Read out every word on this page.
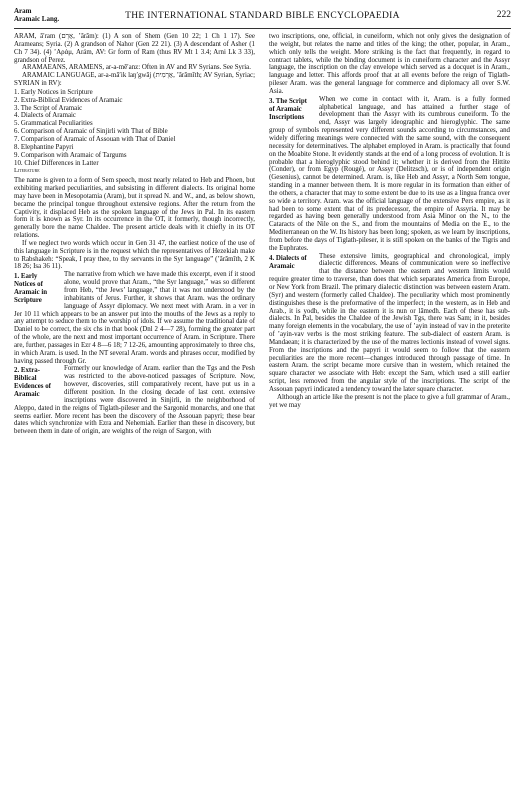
Aram
Aramaic Lang.	THE INTERNATIONAL STANDARD BIBLE ENCYCLOPAEDIA	222

ARAM, ā′ram (אֲרָם, ’ărām): (1) A son of Shem (Gen 10 22; 1 Ch 1 17). See Arameans; Syria. (2) A grandson of Nahor (Gen 22 21). (3) A descendant of Asher (1 Ch 7 34). (4) ’Αράμ, Arám, AV: Gr form of Ram (thus RV Mt 1 3.4; Arni Lk 3 33), grandson of Perez.

ARAMAEANS, ARAMENS, ar-a-mē′anz: Often in AV and RV Syrians. See Syria.

ARAMAIC LANGUAGE, ar-a-mā′ik laŋ′gwāj (אֲרָמִית, ’ărāmīth; AV Syrian, Syriac; SYRIAN in RV):

1. Early Notices in Scripture
2. Extra-Biblical Evidences of Aramaic
3. The Script of Aramaic
4. Dialects of Aramaic
5. Grammatical Peculiarities
6. Comparison of Aramaic of Sinjirli with That of Bible
7. Comparison of Aramaic of Assouan with That of Daniel
8. Elephantine Papyri
9. Comparison with Aramaic of Targums
10. Chief Differences in Latter
Literature

The name is given to a form of Sem speech, most nearly related to Heb and Phoen, but exhibiting marked peculiarities, and subsisting in different dialects. Its original home may have been in Mesopotamia (Aram), but it spread N. and W., and, as below shown, became the principal tongue throughout extensive regions. After the return from the Captivity, it displaced Heb as the spoken language of the Jews in Pal. In its eastern form it is known as Syr. In its occurrence in the OT, it formerly, though incorrectly, generally bore the name Chaldee. The present article deals with it chiefly in its OT relations.

If we neglect two words which occur in Gen 31 47, the earliest notice of the use of this language in Scripture is in the request which the representatives of Hezekiah make to Rabshakeh: “Speak, I pray thee, to thy servants in the Syr language” (’ărāmīth, 2 K 18 26; Isa 36 11).

1. Early Notices of Aramaic in Scripture

The narrative from which we have made this excerpt, even if it stood alone, would prove that Aram., “the Syr language,” was so different from Heb, “the Jews’ language,” that it was not understood by the inhabitants of Jerus. Further, it shows that Aram. was the ordinary language of Assyr diplomacy. We next meet with Aram. in a ver in Jer 10 11 which appears to be an answer put into the mouths of the Jews as a reply to any attempt to seduce them to the worship of idols. If we assume the traditional date of Daniel to be correct, the six chs in that book (Dnl 2 4—7 28), forming the greater part of the whole, are the next and most important occurrence of Aram. in Scripture. There are, further, passages in Ezr 4 8—6 18; 7 12-26, amounting approximately to three chs, in which Aram. is used. In the NT several Aram. words and phrases occur, modified by having passed through Gr.

2. Extra-Biblical Evidences of Aramaic

Formerly our knowledge of Aram. earlier than the Tgs and the Pesh was restricted to the above-noticed passages of Scripture. Now, however, discoveries, still comparatively recent, have put us in a different position. In the closing decade of last cent. extensive inscriptions were discovered in Sinjirli, in the neighborhood of Aleppo, dated in the reigns of Tiglath-pileser and the Sargonid monarchs, and one that seems earlier. More recent has been the discovery of the Assouan papyri; these bear dates which synchronize with Ezra and Nehemiah. Earlier than these in discovery, but between them in date of origin, are weights of the reign of Sargon, with

two inscriptions, one, official, in cuneiform, which not only gives the designation of the weight, but relates the name and titles of the king; the other, popular, in Aram., which only tells the weight. More striking is the fact that frequently, in regard to contract tablets, while the binding document is in cuneiform character and the Assyr language, the inscription on the clay envelope which served as a docquet is in Aram., language and letter. This affords proof that at all events before the reign of Tiglath-pileser Aram. was the general language for commerce and diplomacy all over S.W. Asia.

3. The Script of Aramaic Inscriptions

When we come in contact with it, Aram. is a fully formed alphabetical language, and has attained a further stage of development than the Assyr with its cumbrous cuneiform. To the end, Assyr was largely ideographic and hieroglyphic. The same group of symbols represented very different sounds according to circumstances, and widely differing meanings were connected with the same sound, with the consequent necessity for determinatives. The alphabet employed in Aram. is practically that found on the Moabite Stone. It evidently stands at the end of a long process of evolution. It is probable that a hieroglyphic stood behind it; whether it is derived from the Hittite (Conder), or from Egyp (Rougé), or Assyr (Delitzsch), or is of independent origin (Gesenius), cannot be determined. Aram. is, like Heb and Assyr, a North Sem tongue, standing in a manner between them. It is more regular in its formation than either of the others, a character that may to some extent be due to its use as a lingua franca over so wide a territory. Aram. was the official language of the extensive Pers empire, as it had been to some extent that of its predecessor, the empire of Assyria. It may be regarded as having been generally understood from Asia Minor on the N., to the Cataracts of the Nile on the S., and from the mountains of Media on the E., to the Mediterranean on the W. Its history has been long; spoken, as we learn by inscriptions, from before the days of Tiglath-pileser, it is still spoken on the banks of the Tigris and the Euphrates.

4. Dialects of Aramaic

These extensive limits, geographical and chronological, imply dialectic differences. Means of communication were so ineffective that the distance between the eastern and western limits would require greater time to traverse, than does that which separates America from Europe, or New York from Brazil. The primary dialectic distinction was between eastern Aram. (Syr) and western (formerly called Chaldee). The peculiarity which most prominently distinguishes these is the preformative of the imperfect; in the western, as in Heb and Arab., it is yodh, while in the eastern it is nun or lāmedh. Each of these has sub-dialects. In Pal, besides the Chaldee of the Jewish Tgs, there was Sam; in it, besides many foreign elements in the vocabulary, the use of ’ayin instead of vav in the preterite of ’ayin-vav verbs is the most striking feature. The sub-dialect of eastern Aram. is Mandaean; it is characterized by the use of the matres lectionis instead of vowel signs. From the inscriptions and the papyri it would seem to follow that the eastern peculiarities are the more recent—changes introduced through passage of time. In eastern Aram. the script became more cursive than in western, which retained the square character we associate with Heb: except the Sam, which used a still earlier script, less removed from the angular style of the inscriptions. The script of the Assouan papyri indicated a tendency toward the later square character.

Although an article like the present is not the place to give a full grammar of Aram., yet we may
